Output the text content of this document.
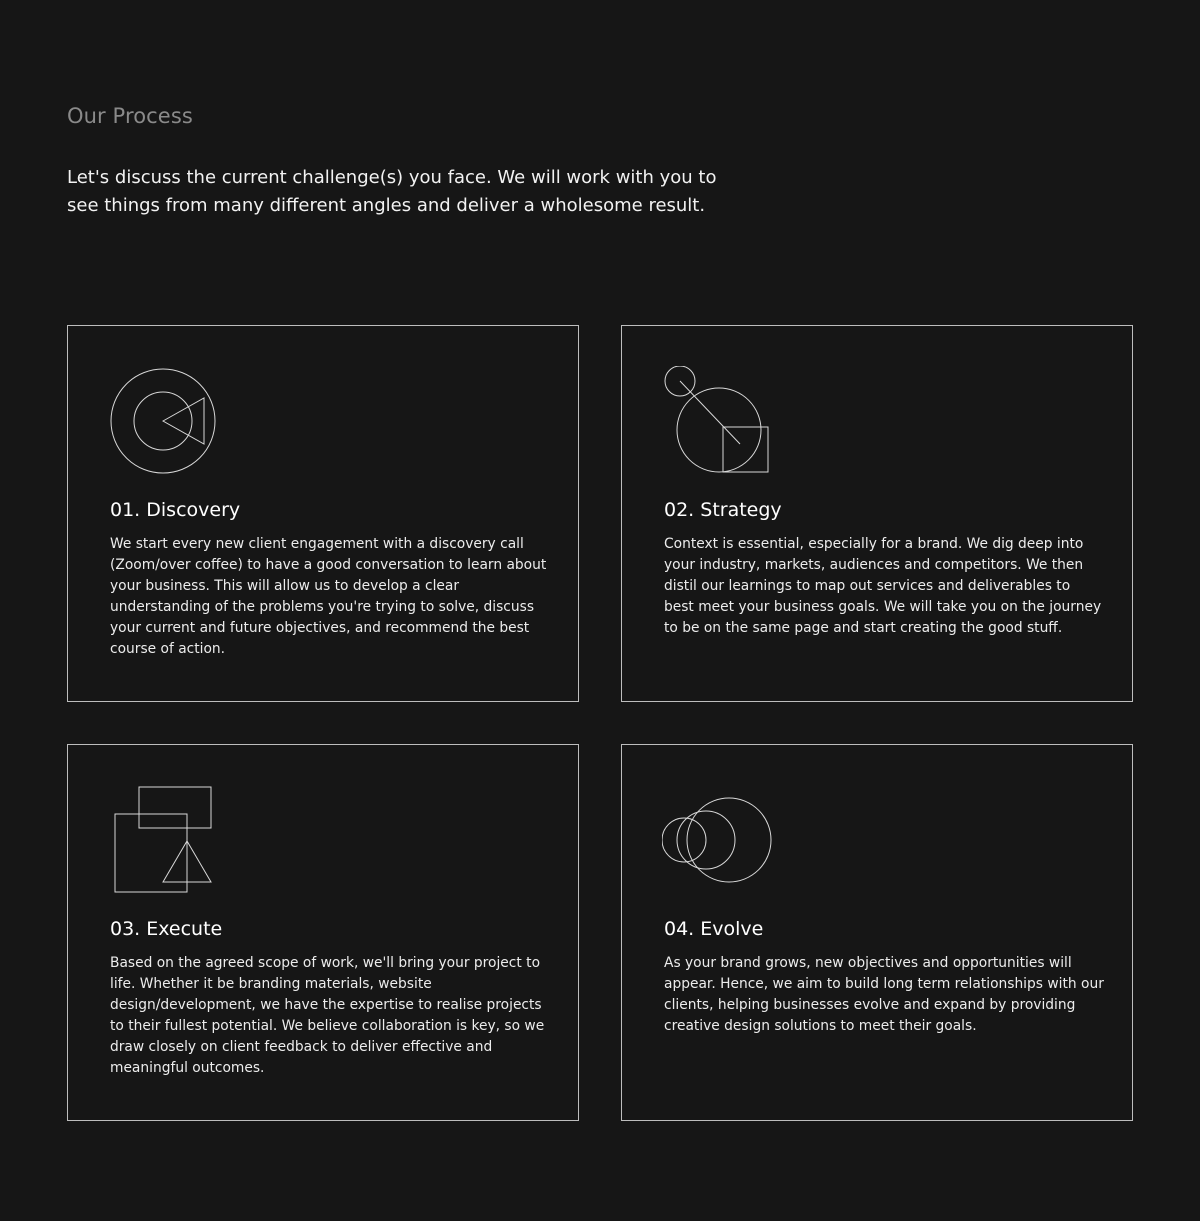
Our Process

Let's discuss the current challenge(s) you face. We will work with you to see things from many different angles and deliver a wholesome result.

01. Discovery

We start every new client engagement with a discovery call (Zoom/over coffee) to have a good conversation to learn about your business. This will allow us to develop a clear understanding of the problems you're trying to solve, discuss your current and future objectives, and recommend the best course of action.

02. Strategy

Context is essential, especially for a brand. We dig deep into your industry, markets, audiences and competitors. We then distil our learnings to map out services and deliverables to best meet your business goals. We will take you on the journey to be on the same page and start creating the good stuff.

03. Execute

Based on the agreed scope of work, we'll bring your project to life. Whether it be branding materials, website design/development, we have the expertise to realise projects to their fullest potential. We believe collaboration is key, so we draw closely on client feedback to deliver effective and meaningful outcomes.

04. Evolve

As your brand grows, new objectives and opportunities will appear. Hence, we aim to build long term relationships with our clients, helping businesses evolve and expand by providing creative design solutions to meet their goals.
